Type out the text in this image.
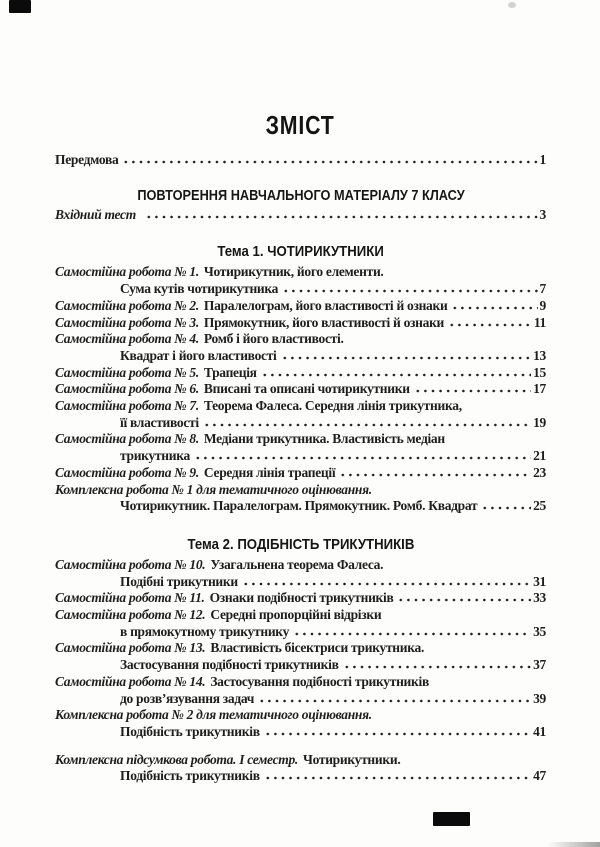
ЗМІСТ
Передмова	1
ПОВТОРЕННЯ НАВЧАЛЬНОГО МАТЕРІАЛУ 7 КЛАСУ
Вхідний тест	3
Тема 1. ЧОТИРИКУТНИКИ
Самостійна робота № 1. Чотирикутник, його елементи.
Сума кутів чотирикутника	7
Самостійна робота № 2. Паралелограм, його властивості й ознаки	9
Самостійна робота № 3. Прямокутник, його властивості й ознаки	11
Самостійна робота № 4. Ромб і його властивості.
Квадрат і його властивості	13
Самостійна робота № 5. Трапеція	15
Самостійна робота № 6. Вписані та описані чотирикутники	17
Самостійна робота № 7. Теорема Фалеса. Середня лінія трикутника,
її властивості	19
Самостійна робота № 8. Медіани трикутника. Властивість медіан
трикутника	21
Самостійна робота № 9. Середня лінія трапеції	23
Комплексна робота № 1 для тематичного оцінювання.
Чотирикутник. Паралелограм. Прямокутник. Ромб. Квадрат	25
Тема 2. ПОДІБНІСТЬ ТРИКУТНИКІВ
Самостійна робота № 10. Узагальнена теорема Фалеса.
Подібні трикутники	31
Самостійна робота № 11. Ознаки подібності трикутників	33
Самостійна робота № 12. Середні пропорційні відрізки
в прямокутному трикутнику	35
Самостійна робота № 13. Властивість бісектриси трикутника.
Застосування подібності трикутників	37
Самостійна робота № 14. Застосування подібності трикутників
до розв’язування задач	39
Комплексна робота № 2 для тематичного оцінювання.
Подібність трикутників	41
Комплексна підсумкова робота. І семестр. Чотирикутники.
Подібність трикутників	47
